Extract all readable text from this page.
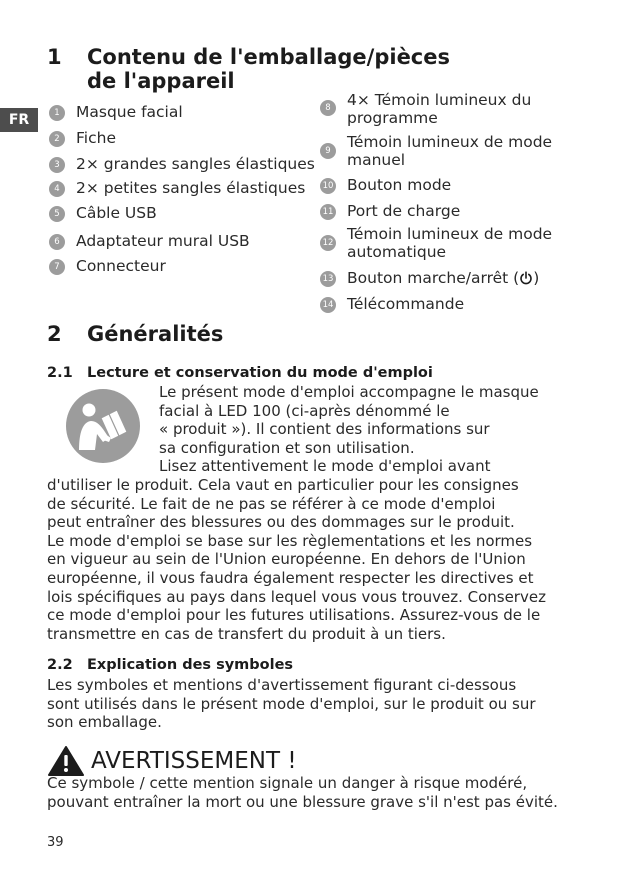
FR
1 Contenu de l'emballage/pièces
de l'appareil
1	Masque facial
2	Fiche
3	2× grandes sangles élastiques
4	2× petites sangles élastiques
5	Câble USB
6	Adaptateur mural USB
7	Connecteur
8	4× Témoin lumineux du
programme
9	Témoin lumineux de mode
manuel
10 Bouton mode
11 Port de charge
12 Témoin lumineux de mode
automatique
13 Bouton marche/arrêt ( )
14 Télécommande
2 Généralités
2.1 Lecture et conservation du mode d'emploi
Le présent mode d'emploi accompagne le masque
facial à LED 100 (ci-après dénommé le
« produit »). Il contient des informations sur
sa configuration et son utilisation.
Lisez attentivement le mode d'emploi avant
d'utiliser le produit. Cela vaut en particulier pour les consignes
de sécurité. Le fait de ne pas se référer à ce mode d'emploi
peut entraîner des blessures ou des dommages sur le produit.
Le mode d'emploi se base sur les règlementations et les normes
en vigueur au sein de l'Union européenne. En dehors de l'Union
européenne, il vous faudra également respecter les directives et
lois spécifiques au pays dans lequel vous vous trouvez. Conservez
ce mode d'emploi pour les futures utilisations. Assurez-vous de le
transmettre en cas de transfert du produit à un tiers.
2.2 Explication des symboles
Les symboles et mentions d'avertissement figurant ci-dessous
sont utilisés dans le présent mode d'emploi, sur le produit ou sur
son emballage.
AVERTISSEMENT !
Ce symbole / cette mention signale un danger à risque modéré,
pouvant entraîner la mort ou une blessure grave s'il n'est pas évité.
39
